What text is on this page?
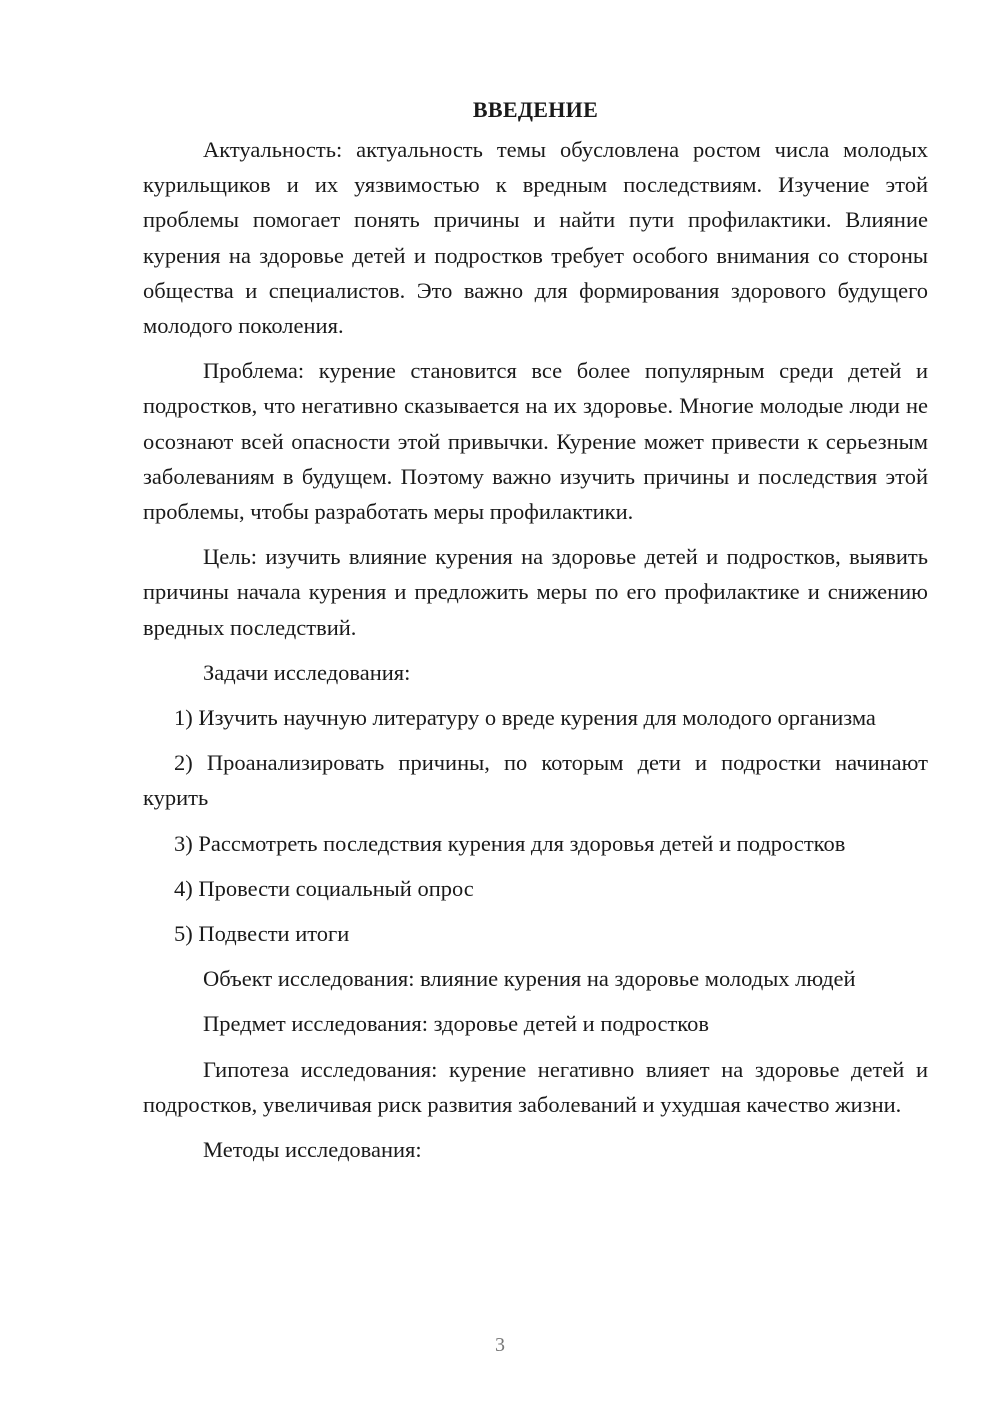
ВВЕДЕНИЕ

Актуальность: актуальность темы обусловлена ростом числа молодых курильщиков и их уязвимостью к вредным последствиям. Изучение этой проблемы помогает понять причины и найти пути профилактики. Влияние курения на здоровье детей и подростков требует особого внимания со стороны общества и специалистов. Это важно для формирования здорового будущего молодого поколения.

Проблема: курение становится все более популярным среди детей и подростков, что негативно сказывается на их здоровье. Многие молодые люди не осознают всей опасности этой привычки. Курение может привести к серьезным заболеваниям в будущем. Поэтому важно изучить причины и последствия этой проблемы, чтобы разработать меры профилактики.

Цель: изучить влияние курения на здоровье детей и подростков, выявить причины начала курения и предложить меры по его профилактике и снижению вредных последствий.

Задачи исследования:

1) Изучить научную литературу о вреде курения для молодого организма

2) Проанализировать причины, по которым дети и подростки начинают курить

3) Рассмотреть последствия курения для здоровья детей и подростков

4) Провести социальный опрос

5) Подвести итоги

Объект исследования: влияние курения на здоровье молодых людей

Предмет исследования: здоровье детей и подростков

Гипотеза исследования: курение негативно влияет на здоровье детей и подростков, увеличивая риск развития заболеваний и ухудшая качество жизни.

Методы исследования:

3
